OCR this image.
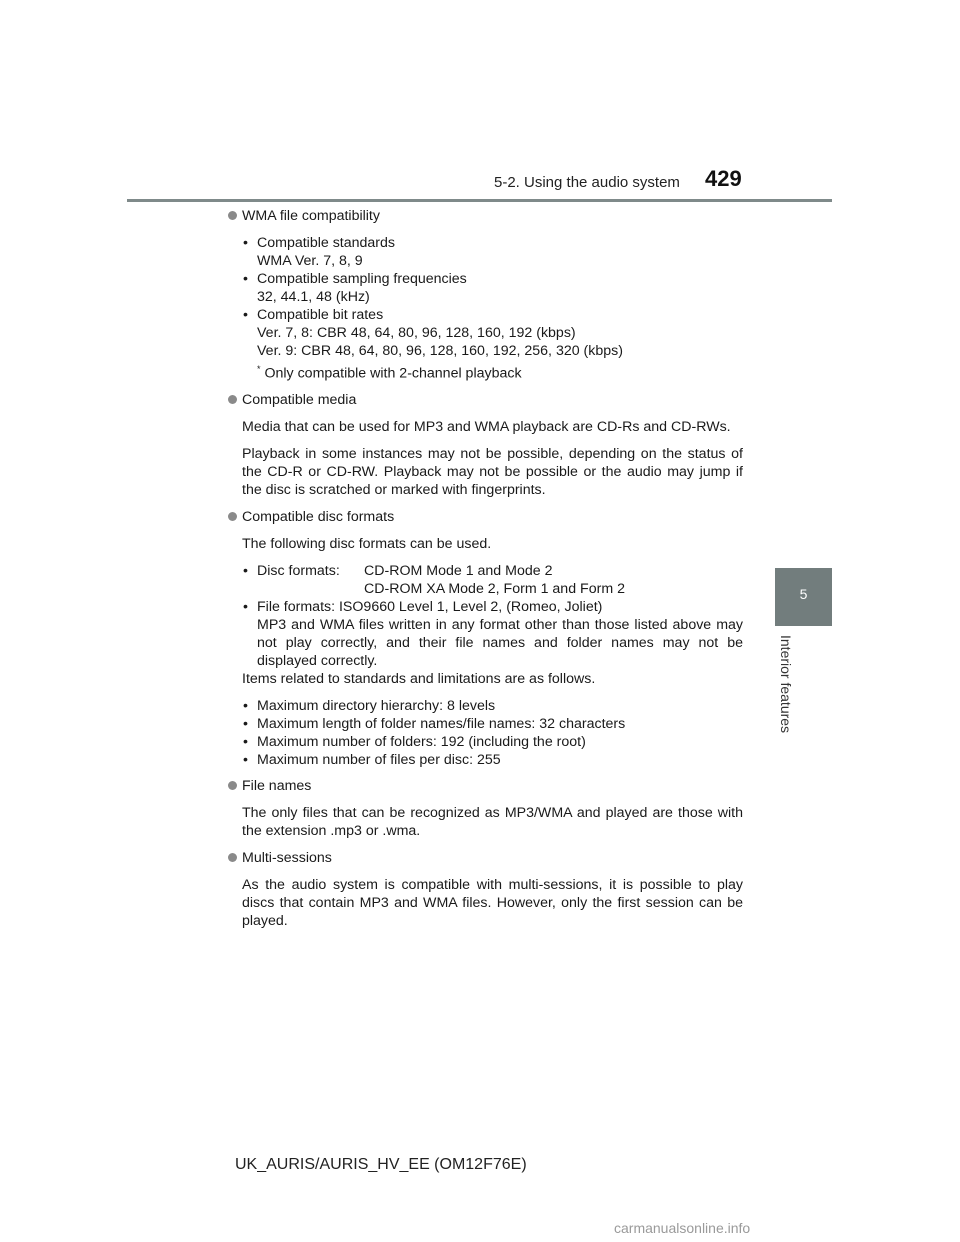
5-2. Using the audio system 429
5
Interior features
WMA file compatibility
• Compatible standards
WMA Ver. 7, 8, 9
• Compatible sampling frequencies
32, 44.1, 48 (kHz)
• Compatible bit rates
Ver. 7, 8: CBR 48, 64, 80, 96, 128, 160, 192 (kbps)
Ver. 9: CBR 48, 64, 80, 96, 128, 160, 192, 256, 320 (kbps)
* Only compatible with 2-channel playback
Compatible media

Media that can be used for MP3 and WMA playback are CD-Rs and CD-RWs.

Playback in some instances may not be possible, depending on the status of the CD-R or CD-RW. Playback may not be possible or the audio may jump if the disc is scratched or marked with fingerprints.

Compatible disc formats

The following disc formats can be used.

• Disc formats:	CD-ROM Mode 1 and Mode 2
CD-ROM XA Mode 2, Form 1 and Form 2
• File formats: ISO9660 Level 1, Level 2, (Romeo, Joliet)
MP3 and WMA files written in any format other than those listed above may not play correctly, and their file names and folder names may not be displayed correctly.

Items related to standards and limitations are as follows.

• Maximum directory hierarchy: 8 levels
• Maximum length of folder names/file names: 32 characters
• Maximum number of folders: 192 (including the root)
• Maximum number of files per disc: 255
File names

The only files that can be recognized as MP3/WMA and played are those with the extension .mp3 or .wma.

Multi-sessions

As the audio system is compatible with multi-sessions, it is possible to play discs that contain MP3 and WMA files. However, only the first session can be played.

UK_AURIS/AURIS_HV_EE (OM12F76E)
carmanualsonline.info
